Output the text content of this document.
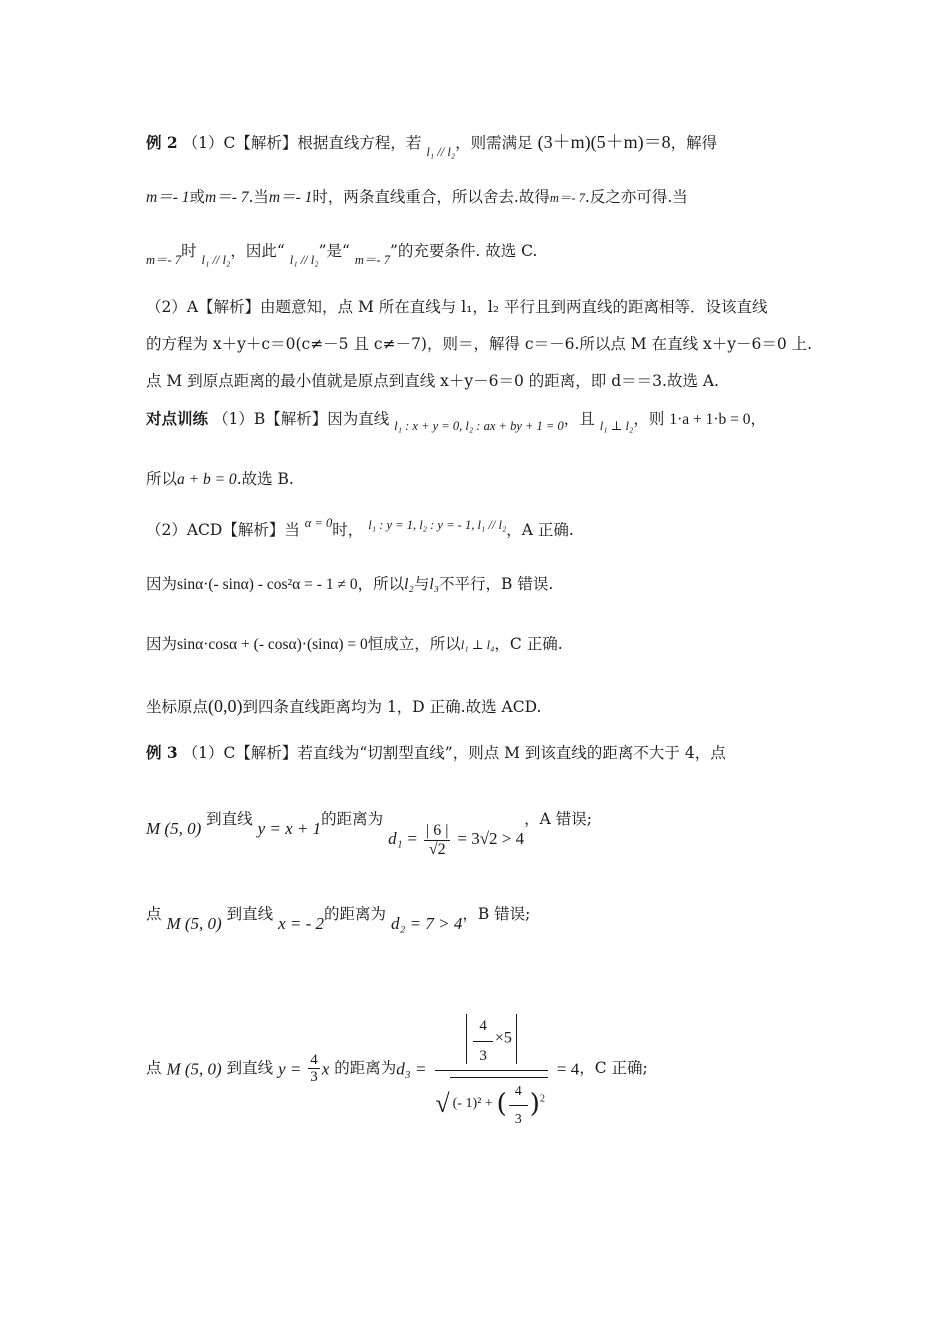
例 2 （1）C【解析】根据直线方程，若 $_{l_1 // l_2}$，则需满足 (3＋m)(5＋m)＝8，解得
m＝- 1或m＝- 7.当m＝- 1时，两条直线重合，所以舍去.故得m＝- 7.反之亦可得.当
$_{m=- 7}$时 $_{l_1 // l_2}$，因此“ $_{l_1 // l_2}$”是“ $_{m=- 7}$”的充要条件. 故选 C.
（2）A【解析】由题意知，点 M 所在直线与 l₁，l₂ 平行且到两直线的距离相等．设该直线
的方程为 x＋y＋c＝0(c≠－5 且 c≠－7)，则＝，解得 c＝－6.所以点 M 在直线 x＋y－6＝0 上.
点 M 到原点距离的最小值就是原点到直线 x＋y－6＝0 的距离，即 d＝＝3.故选 A.
对点训练 （1）B【解析】因为直线 $_{l_1 : x + y = 0, l_2 : ax + by + 1 = 0}$，且 $_{l_1 \perp l_2}$，则 1·a + 1·b = 0，
所以a + b = 0.故选 B.
（2）ACD【解析】当 $^{\alpha = 0}$时， $^{l_1 : y = 1, l_2 : y = - 1, l_1 // l_2}$，A 正确.
因为sinα·(- sinα) - cos²α = - 1 ≠ 0，所以l₂与l₃不平行，B 错误.
因为sinα·cosα + (- cosα)·(sinα) = 0恒成立，所以l₁ ⊥ l₄，C 正确.
坐标原点(0,0)到四条直线距离均为 1，D 正确.故选 ACD.
例 3 （1）C【解析】若直线为“切割型直线”，则点 M 到该直线的距离不大于 4，点
M (5, 0) 到直线 y = x + 1的距离为 $d_1 = \frac{| 6 |}{√2} = 3√2 > 4$，A 错误;
点 M (5, 0) 到直线 x = - 2的距离为 d₂ = 7 > 4，B 错误;
点 M (5, 0) 到直线 $y = \frac{4}{3}$ x 的距离为d₃ =
$\frac{4}{3} \times 5$
√ (- 1)² + ( $\frac{4}{3} )^2$
= 4，C 正确;
